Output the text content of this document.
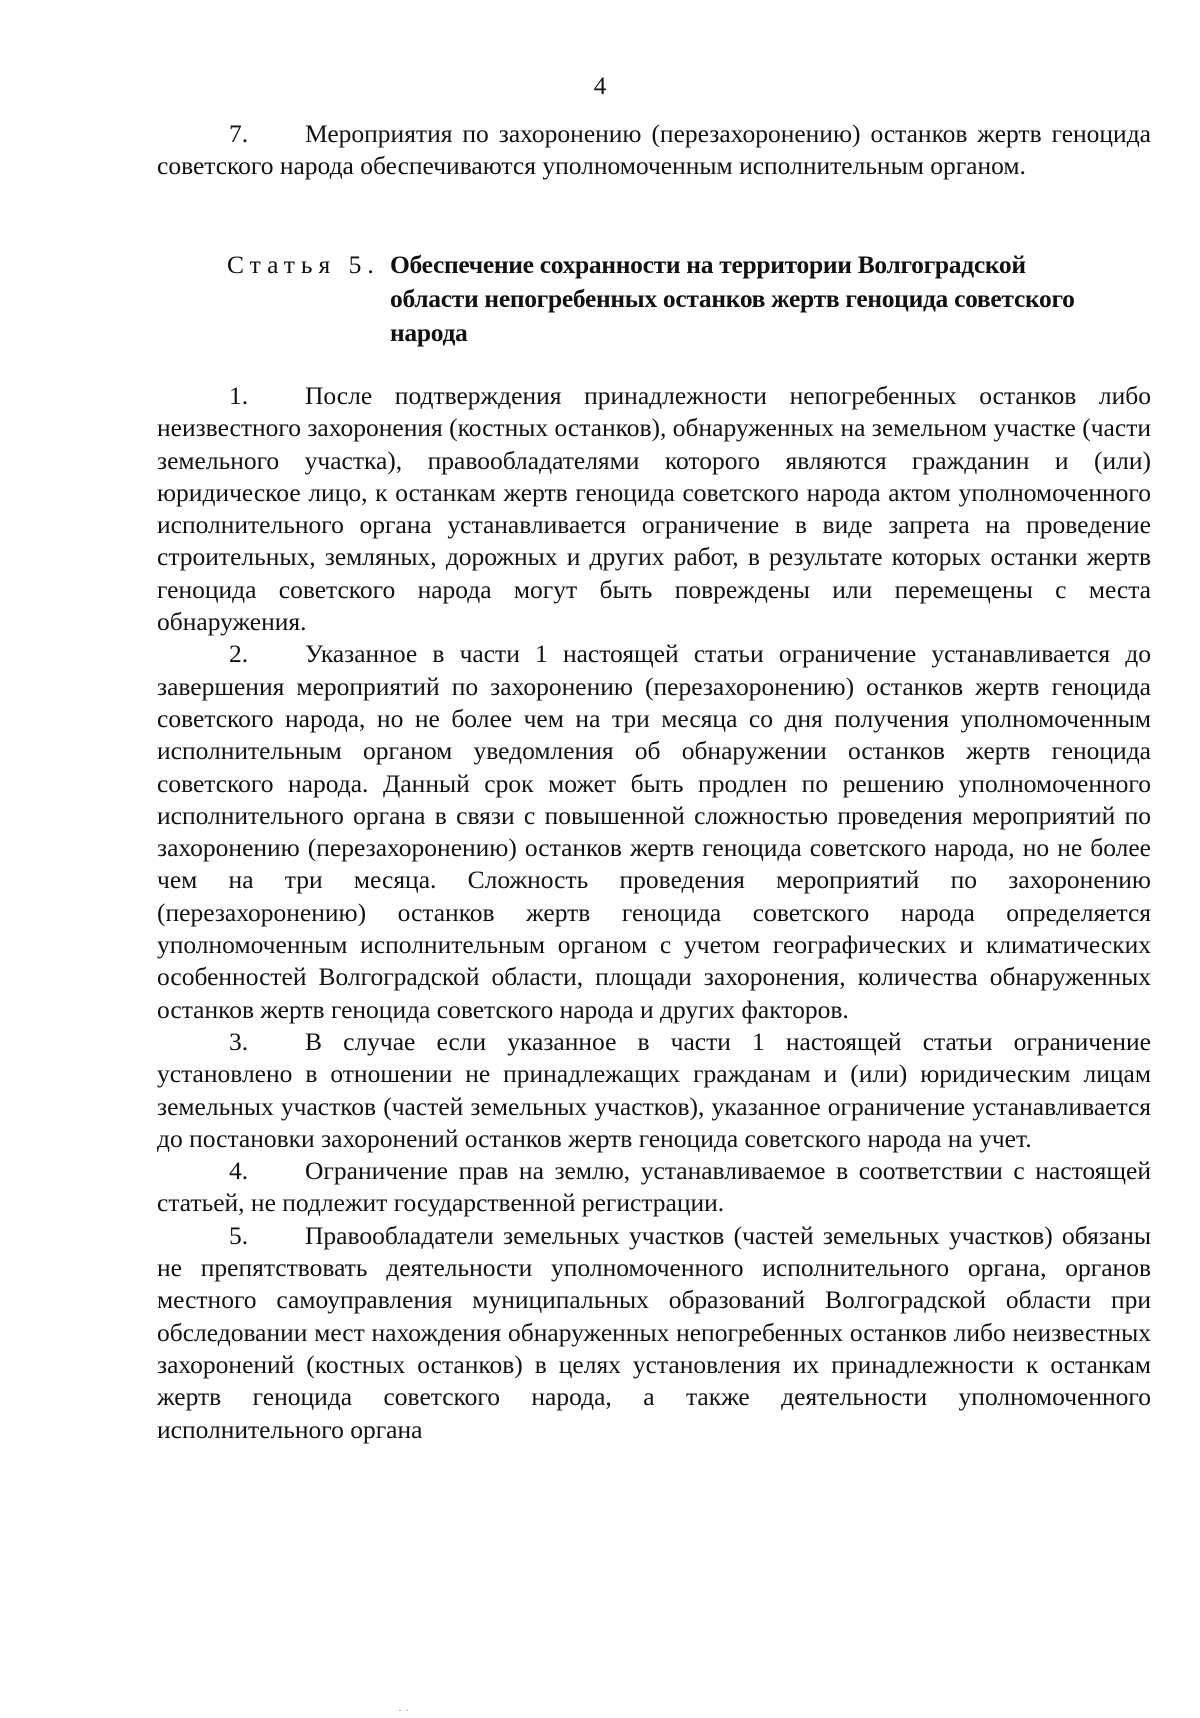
4

7. Мероприятия по захоронению (перезахоронению) останков жертв геноцида советского народа обеспечиваются уполномоченным исполнительным органом.

Статья 5. Обеспечение сохранности на территории Волгоградской
области непогребенных останков жертв геноцида советского
народа

1. После подтверждения принадлежности непогребенных останков либо неизвестного захоронения (костных останков), обнаруженных на земельном участке (части земельного участка), правообладателями которого являются гражданин и (или) юридическое лицо, к останкам жертв геноцида советского народа актом уполномоченного исполнительного органа устанавливается ограничение в виде запрета на проведение строительных, земляных, дорожных и других работ, в результате которых останки жертв геноцида советского народа могут быть повреждены или перемещены с места обнаружения.

2. Указанное в части 1 настоящей статьи ограничение устанавливается до завершения мероприятий по захоронению (перезахоронению) останков жертв геноцида советского народа, но не более чем на три месяца со дня получения уполномоченным исполнительным органом уведомления об обнаружении останков жертв геноцида советского народа. Данный срок может быть продлен по решению уполномоченного исполнительного органа в связи с повышенной сложностью проведения мероприятий по захоронению (перезахоронению) останков жертв геноцида советского народа, но не более чем на три месяца. Сложность проведения мероприятий по захоронению (перезахоронению) останков жертв геноцида советского народа определяется уполномоченным исполнительным органом с учетом географических и климатических особенностей Волгоградской области, площади захоронения, количества обнаруженных останков жертв геноцида советского народа и других факторов.

3. В случае если указанное в части 1 настоящей статьи ограничение установлено в отношении не принадлежащих гражданам и (или) юридическим лицам земельных участков (частей земельных участков), указанное ограничение устанавливается до постановки захоронений останков жертв геноцида советского народа на учет.

4. Ограничение прав на землю, устанавливаемое в соответствии с настоящей статьей, не подлежит государственной регистрации.

5. Правообладатели земельных участков (частей земельных участков) обязаны не препятствовать деятельности уполномоченного исполнительного органа, органов местного самоуправления муниципальных образований Волгоградской области при обследовании мест нахождения обнаруженных непогребенных останков либо неизвестных захоронений (костных останков) в целях установления их принадлежности к останкам жертв геноцида советского народа, а также деятельности уполномоченного исполнительного органа

· ·
